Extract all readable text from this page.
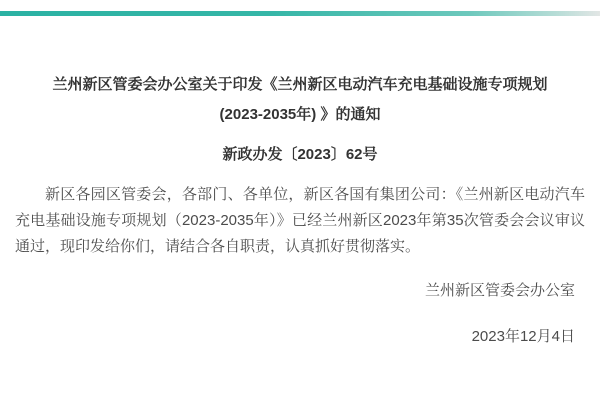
兰州新区管委会办公室关于印发《兰州新区电动汽车充电基础设施专项规划
(2023-2035年) 》的通知
新政办发〔2023〕62号
新区各园区管委会，各部门、各单位，新区各国有集团公司：《兰州新区电动汽车充电基础设施专项规划（2023-2035年）》已经兰州新区2023年第35次管委会会议审议通过，现印发给你们，请结合各自职责，认真抓好贯彻落实。
兰州新区管委会办公室
2023年12月4日
